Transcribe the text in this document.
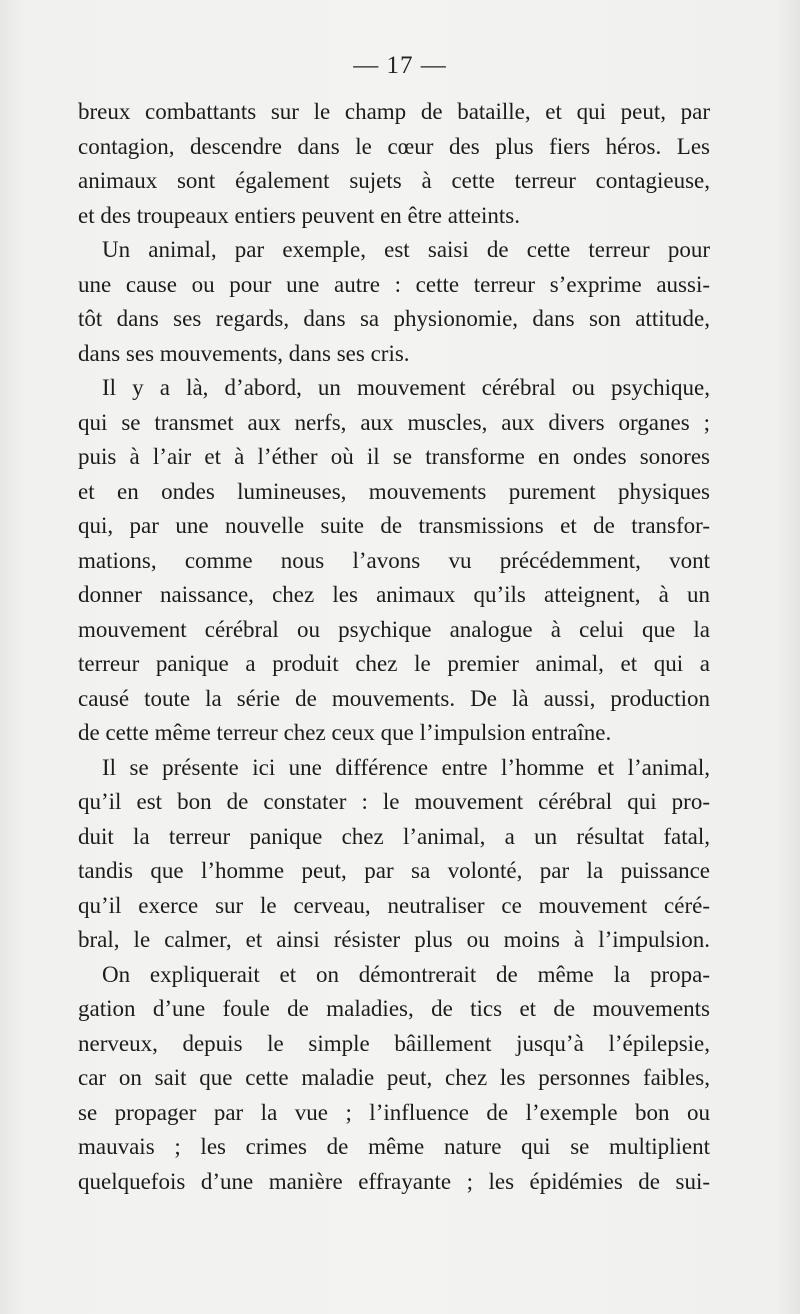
— 17 —
breux combattants sur le champ de bataille, et qui peut, par
contagion, descendre dans le cœur des plus fiers héros. Les
animaux sont également sujets à cette terreur contagieuse,
et des troupeaux entiers peuvent en être atteints.
Un animal, par exemple, est saisi de cette terreur pour
une cause ou pour une autre : cette terreur s’exprime aussi-
tôt dans ses regards, dans sa physionomie, dans son attitude,
dans ses mouvements, dans ses cris.
Il y a là, d’abord, un mouvement cérébral ou psychique,
qui se transmet aux nerfs, aux muscles, aux divers organes ;
puis à l’air et à l’éther où il se transforme en ondes sonores
et en ondes lumineuses, mouvements purement physiques
qui, par une nouvelle suite de transmissions et de transfor-
mations, comme nous l’avons vu précédemment, vont
donner naissance, chez les animaux qu’ils atteignent, à un
mouvement cérébral ou psychique analogue à celui que la
terreur panique a produit chez le premier animal, et qui a
causé toute la série de mouvements. De là aussi, production
de cette même terreur chez ceux que l’impulsion entraîne.
Il se présente ici une différence entre l’homme et l’animal,
qu’il est bon de constater : le mouvement cérébral qui pro-
duit la terreur panique chez l’animal, a un résultat fatal,
tandis que l’homme peut, par sa volonté, par la puissance
qu’il exerce sur le cerveau, neutraliser ce mouvement céré-
bral, le calmer, et ainsi résister plus ou moins à l’impulsion.
On expliquerait et on démontrerait de même la propa-
gation d’une foule de maladies, de tics et de mouvements
nerveux, depuis le simple bâillement jusqu’à l’épilepsie,
car on sait que cette maladie peut, chez les personnes faibles,
se propager par la vue ; l’influence de l’exemple bon ou
mauvais ; les crimes de même nature qui se multiplient
quelquefois d’une manière effrayante ; les épidémies de sui-
